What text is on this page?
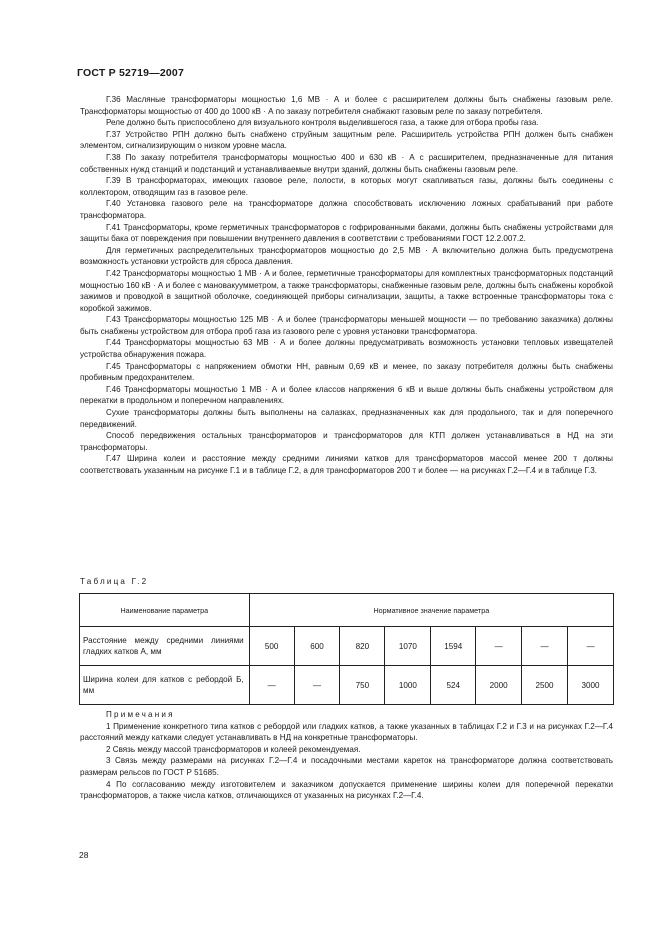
ГОСТ Р 52719—2007

Г.36 Масляные трансформаторы мощностью 1,6 МВ · А и более с расширителем должны быть снабжены газовым реле. Трансформаторы мощностью от 400 до 1000 кВ · А по заказу потребителя снабжают газовым реле по заказу потребителя.

Реле должно быть приспособлено для визуального контроля выделившегося газа, а также для отбора пробы газа.

Г.37 Устройство РПН должно быть снабжено струйным защитным реле. Расширитель устройства РПН должен быть снабжен элементом, сигнализирующим о низком уровне масла.

Г.38 По заказу потребителя трансформаторы мощностью 400 и 630 кВ · А с расширителем, предназначенные для питания собственных нужд станций и подстанций и устанавливаемые внутри зданий, должны быть снабжены газовым реле.

Г.39 В трансформаторах, имеющих газовое реле, полости, в которых могут скапливаться газы, должны быть соединены с коллектором, отводящим газ в газовое реле.

Г.40 Установка газового реле на трансформаторе должна способствовать исключению ложных срабатываний при работе трансформатора.

Г.41 Трансформаторы, кроме герметичных трансформаторов с гофрированными баками, должны быть снабжены устройствами для защиты бака от повреждения при повышении внутреннего давления в соответствии с требованиями ГОСТ 12.2.007.2.

Для герметичных распределительных трансформаторов мощностью до 2,5 МВ · А включительно должна быть предусмотрена возможность установки устройств для сброса давления.

Г.42 Трансформаторы мощностью 1 МВ · А и более, герметичные трансформаторы для комплектных трансформаторных подстанций мощностью 160 кВ · А и более с мановакуумметром, а также трансформаторы, снабженные газовым реле, должны быть снабжены коробкой зажимов и проводкой в защитной оболочке, соединяющей приборы сигнализации, защиты, а также встроенные трансформаторы тока с коробкой зажимов.

Г.43 Трансформаторы мощностью 125 МВ · А и более (трансформаторы меньшей мощности — по требованию заказчика) должны быть снабжены устройством для отбора проб газа из газового реле с уровня установки трансформатора.

Г.44 Трансформаторы мощностью 63 МВ · А и более должны предусматривать возможность установки тепловых извещателей устройства обнаружения пожара.

Г.45 Трансформаторы с напряжением обмотки НН, равным 0,69 кВ и менее, по заказу потребителя должны быть снабжены пробивным предохранителем.

Г.46 Трансформаторы мощностью 1 МВ · А и более классов напряжения 6 кВ и выше должны быть снабжены устройством для перекатки в продольном и поперечном направлениях.

Сухие трансформаторы должны быть выполнены на салазках, предназначенных как для продольного, так и для поперечного передвижений.

Способ передвижения остальных трансформаторов и трансформаторов для КТП должен устанавливаться в НД на эти трансформаторы.

Г.47 Ширина колеи и расстояние между средними линиями катков для трансформаторов массой менее 200 т должны соответствовать указанным на рисунке Г.1 и в таблице Г.2, а для трансформаторов 200 т и более — на рисунках Г.2—Г.4 и в таблице Г.3.

Таблица Г.2
Наименование параметра	Нормативное значение параметра							
Расстояние между средними линиями гладких катков А, мм	500	600	820	1070	1594	—	—	—
Ширина колеи для катков с ребордой Б, мм	—	—	750	1000	524	2000	2500	3000

Примечания

1 Применение конкретного типа катков с ребордой или гладких катков, а также указанных в таблицах Г.2 и Г.3 и на рисунках Г.2—Г.4 расстояний между катками следует устанавливать в НД на конкретные трансформаторы.

2 Связь между массой трансформаторов и колеей рекомендуемая.

3 Связь между размерами на рисунках Г.2—Г.4 и посадочными местами кареток на трансформаторе должна соответствовать размерам рельсов по ГОСТ Р 51685.

4 По согласованию между изготовителем и заказчиком допускается применение ширины колеи для поперечной перекатки трансформаторов, а также числа катков, отличающихся от указанных на рисунках Г.2—Г.4.

28
